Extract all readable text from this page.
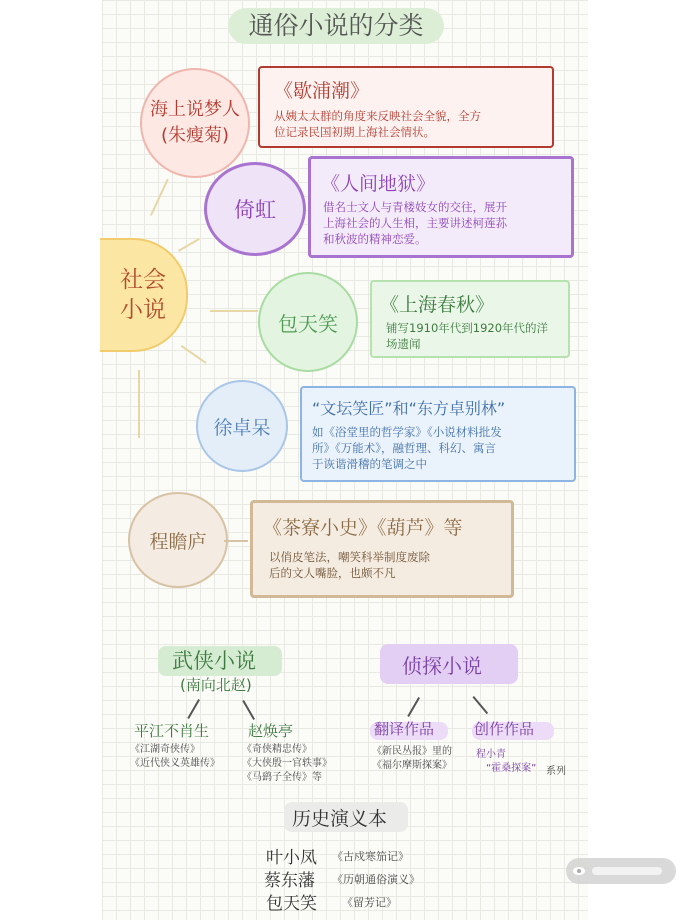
通俗小说的分类
社会
小说
海上说梦人
(朱瘦菊)
《歇浦潮》
从姨太太群的角度来反映社会全貌，全方
位记录民国初期上海社会情状。
倚虹
《人间地狱》
借名士文人与青楼妓女的交往，展开
上海社会的人生相，主要讲述柯莲荪
和秋波的精神恋爱。
包天笑
《上海春秋》
铺写1910年代到1920年代的洋
场遗闻
徐卓呆
“文坛笑匠”和“东方卓别林”
如《浴堂里的哲学家》《小说材料批发
所》《万能术》，融哲理、科幻、寓言
于诙谐滑稽的笔调之中
程瞻庐
《茶寮小史》《葫芦》等
以俏皮笔法，嘲笑科举制度废除
后的文人嘴脸，也颇不凡
武侠小说
(南向北赵)
平江不肖生
《江湖奇侠传》
《近代侠义英雄传》
赵焕亭
《奇侠精忠传》
《大侠殷一官轶事》
《马鹞子全传》等
侦探小说
翻译作品
《新民丛报》里的
《福尔摩斯探案》
创作作品
程小青
“霍桑探案” 系列
历史演义本
叶小凤 《古戍寒笳记》
蔡东藩 《历朝通俗演义》
包天笑 《留芳记》
